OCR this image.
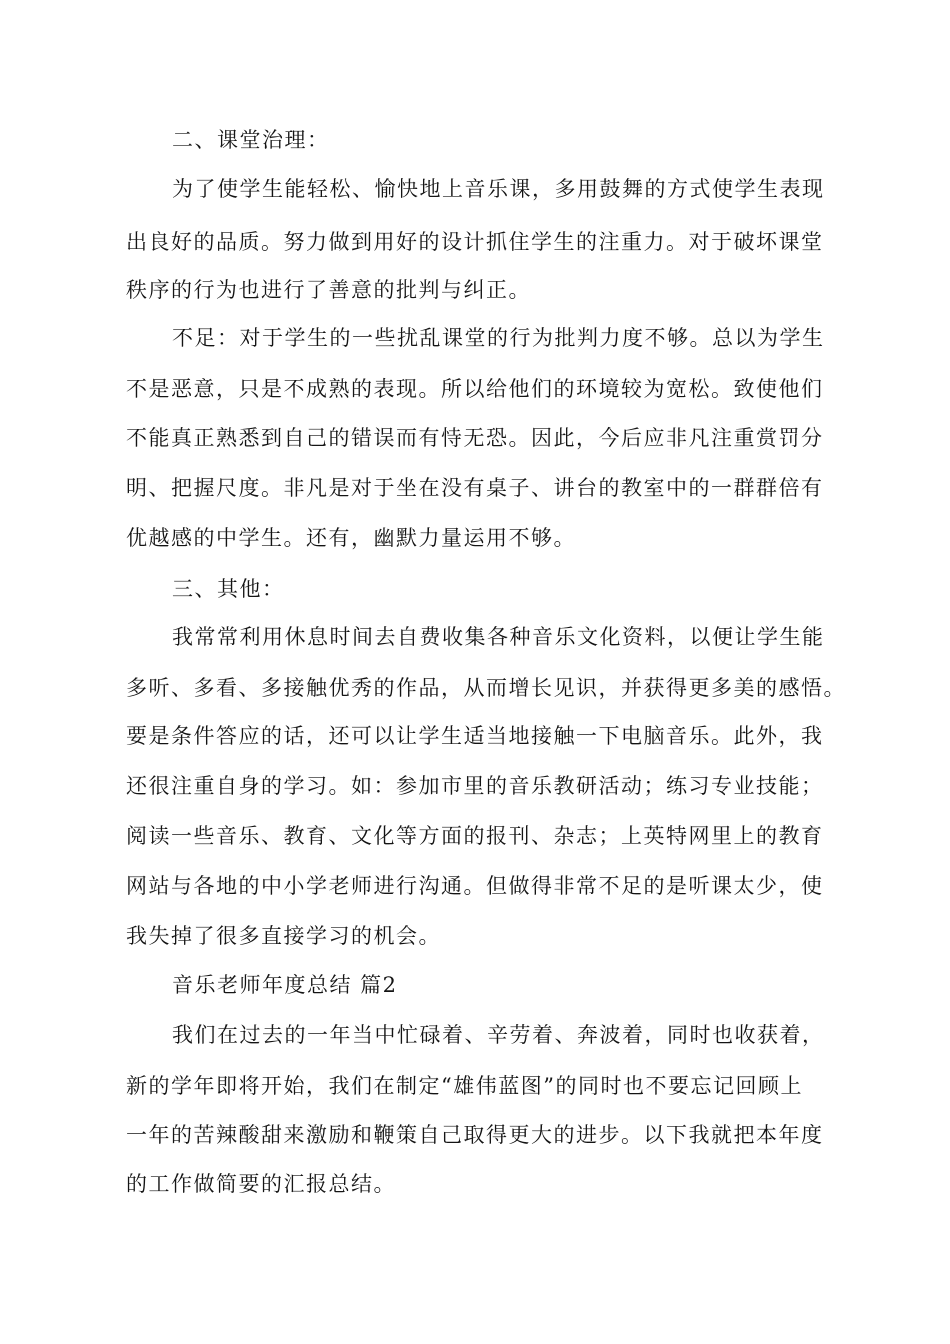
二、课堂治理：
为了使学生能轻松、愉快地上音乐课，多用鼓舞的方式使学生表现
出良好的品质。努力做到用好的设计抓住学生的注重力。对于破坏课堂
秩序的行为也进行了善意的批判与纠正。
不足：对于学生的一些扰乱课堂的行为批判力度不够。总以为学生
不是恶意，只是不成熟的表现。所以给他们的环境较为宽松。致使他们
不能真正熟悉到自己的错误而有恃无恐。因此，今后应非凡注重赏罚分
明、把握尺度。非凡是对于坐在没有桌子、讲台的教室中的一群群倍有
优越感的中学生。还有，幽默力量运用不够。
三、其他：
我常常利用休息时间去自费收集各种音乐文化资料，以便让学生能
多听、多看、多接触优秀的作品，从而增长见识，并获得更多美的感悟。
要是条件答应的话，还可以让学生适当地接触一下电脑音乐。此外，我
还很注重自身的学习。如：参加市里的音乐教研活动；练习专业技能；
阅读一些音乐、教育、文化等方面的报刊、杂志；上英特网里上的教育
网站与各地的中小学老师进行沟通。但做得非常不足的是听课太少，使
我失掉了很多直接学习的机会。
音乐老师年度总结 篇2
我们在过去的一年当中忙碌着、辛劳着、奔波着，同时也收获着，
新的学年即将开始，我们在制定“雄伟蓝图”的同时也不要忘记回顾上
一年的苦辣酸甜来激励和鞭策自己取得更大的进步。以下我就把本年度
的工作做简要的汇报总结。
